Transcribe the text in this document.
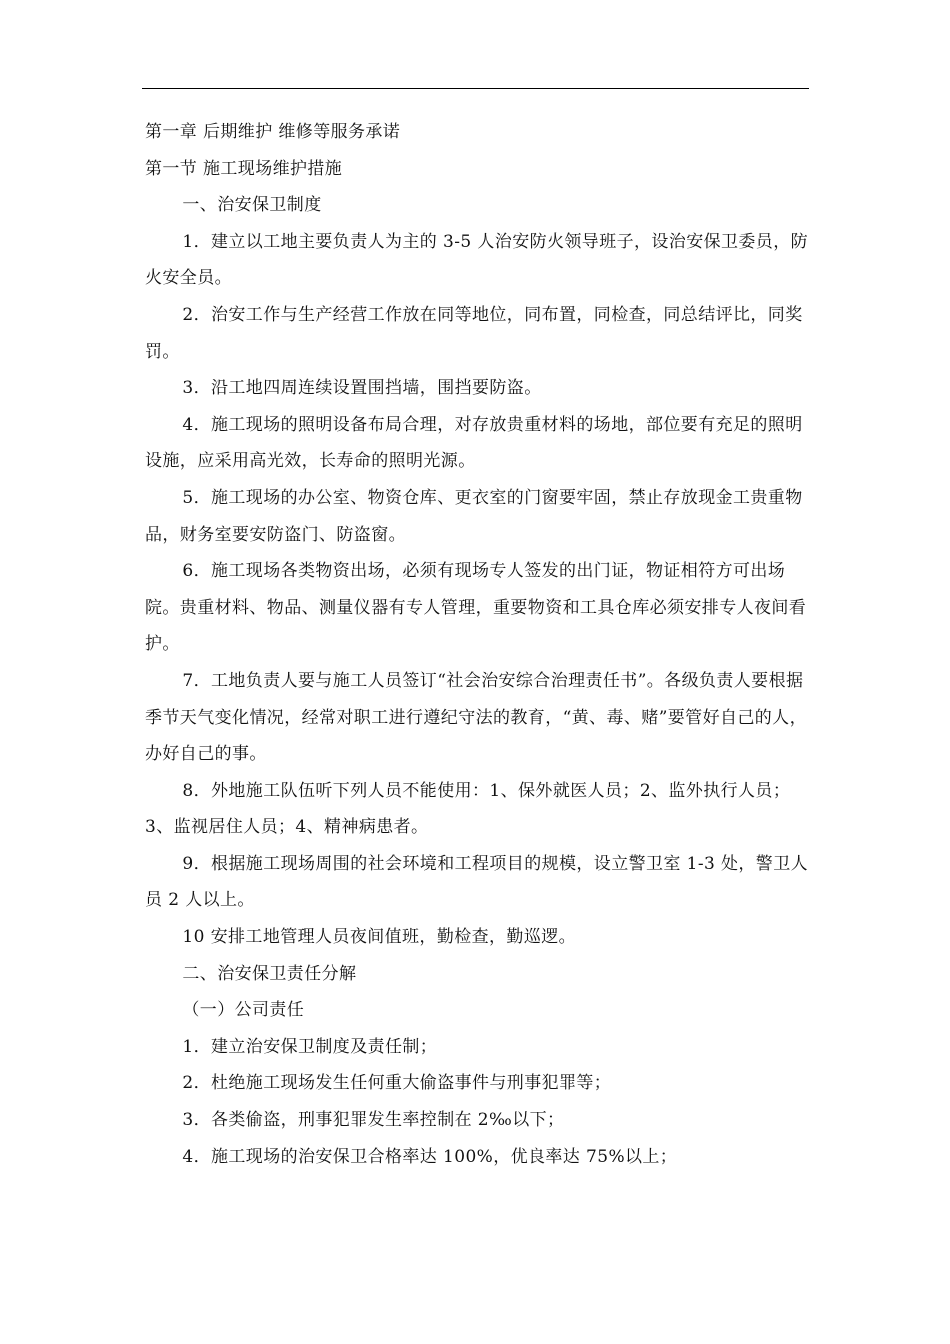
第一章 后期维护 维修等服务承诺

第一节 施工现场维护措施

一、治安保卫制度

1．建立以工地主要负责人为主的 3-5 人治安防火领导班子，设治安保卫委员，防火安全员。

2．治安工作与生产经营工作放在同等地位，同布置，同检查，同总结评比，同奖罚。

3．沿工地四周连续设置围挡墙，围挡要防盗。

4．施工现场的照明设备布局合理，对存放贵重材料的场地，部位要有充足的照明设施，应采用高光效，长寿命的照明光源。

5．施工现场的办公室、物资仓库、更衣室的门窗要牢固，禁止存放现金工贵重物品，财务室要安防盗门、防盗窗。

6．施工现场各类物资出场，必须有现场专人签发的出门证，物证相符方可出场院。贵重材料、物品、测量仪器有专人管理，重要物资和工具仓库必须安排专人夜间看护。

7．工地负责人要与施工人员签订“社会治安综合治理责任书”。各级负责人要根据季节天气变化情况，经常对职工进行遵纪守法的教育，“黄、毒、赌”要管好自己的人，办好自己的事。

8．外地施工队伍听下列人员不能使用：1、保外就医人员；2、监外执行人员；3、监视居住人员；4、精神病患者。

9．根据施工现场周围的社会环境和工程项目的规模，设立警卫室 1-3 处，警卫人员 2 人以上。

10 安排工地管理人员夜间值班，勤检查，勤巡逻。

二、治安保卫责任分解

（一）公司责任

1．建立治安保卫制度及责任制；

2．杜绝施工现场发生任何重大偷盗事件与刑事犯罪等；

3．各类偷盗，刑事犯罪发生率控制在 2‰以下；

4．施工现场的治安保卫合格率达 100%，优良率达 75%以上；
